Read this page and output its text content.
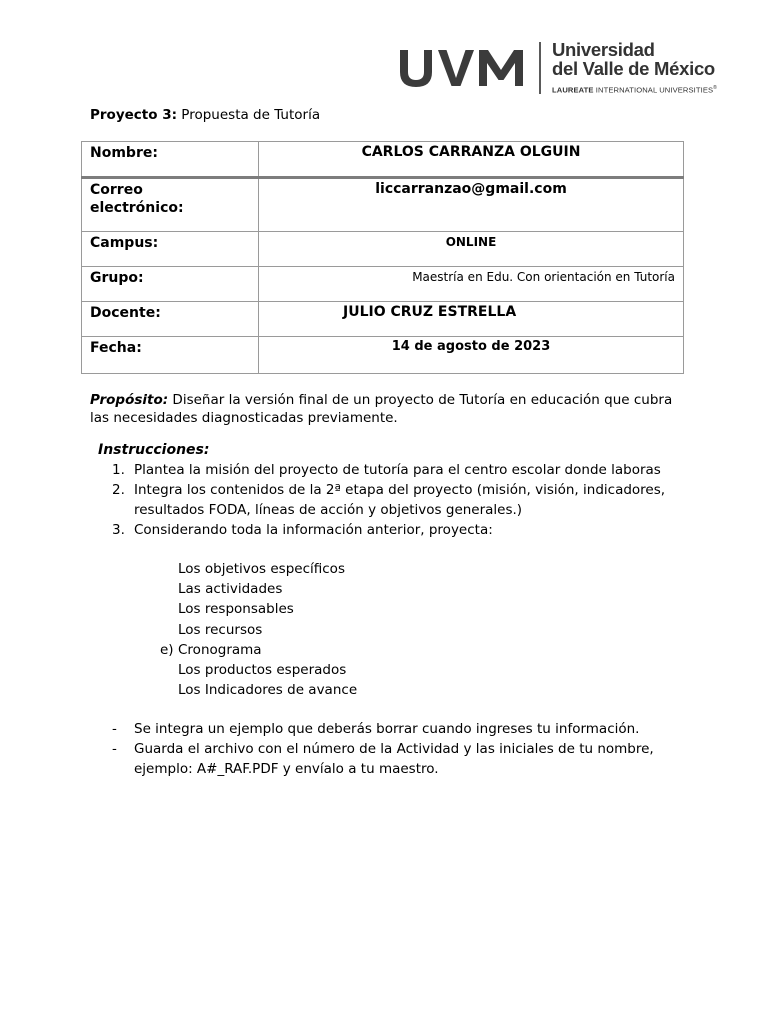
Universidad
del Valle de México
LAUREATE INTERNATIONAL UNIVERSITIES®
Proyecto 3: Propuesta de Tutoría
Nombre:	CARLOS CARRANZA OLGUIN

Correo
electrónico:	liccarranzao@gmail.com
Campus:	ONLINE
Grupo:	Maestría en Edu. Con orientación en Tutoría
Docente:	JULIO CRUZ ESTRELLA
Fecha:	14 de agosto de 2023

Propósito: Diseñar la versión final de un proyecto de Tutoría en educación que cubra las necesidades diagnosticadas previamente.

Instrucciones:
1. Plantea la misión del proyecto de tutoría para el centro escolar donde laboras
2. Integra los contenidos de la 2ª etapa del proyecto (misión, visión, indicadores, resultados FODA, líneas de acción y objetivos generales.)
3. Considerando toda la información anterior, proyecta:
Los objetivos específicos
Las actividades
Los responsables
Los recursos
e) Cronograma
Los productos esperados
Los Indicadores de avance
- Se integra un ejemplo que deberás borrar cuando ingreses tu información.
- Guarda el archivo con el número de la Actividad y las iniciales de tu nombre, ejemplo: A#_RAF.PDF y envíalo a tu maestro.
